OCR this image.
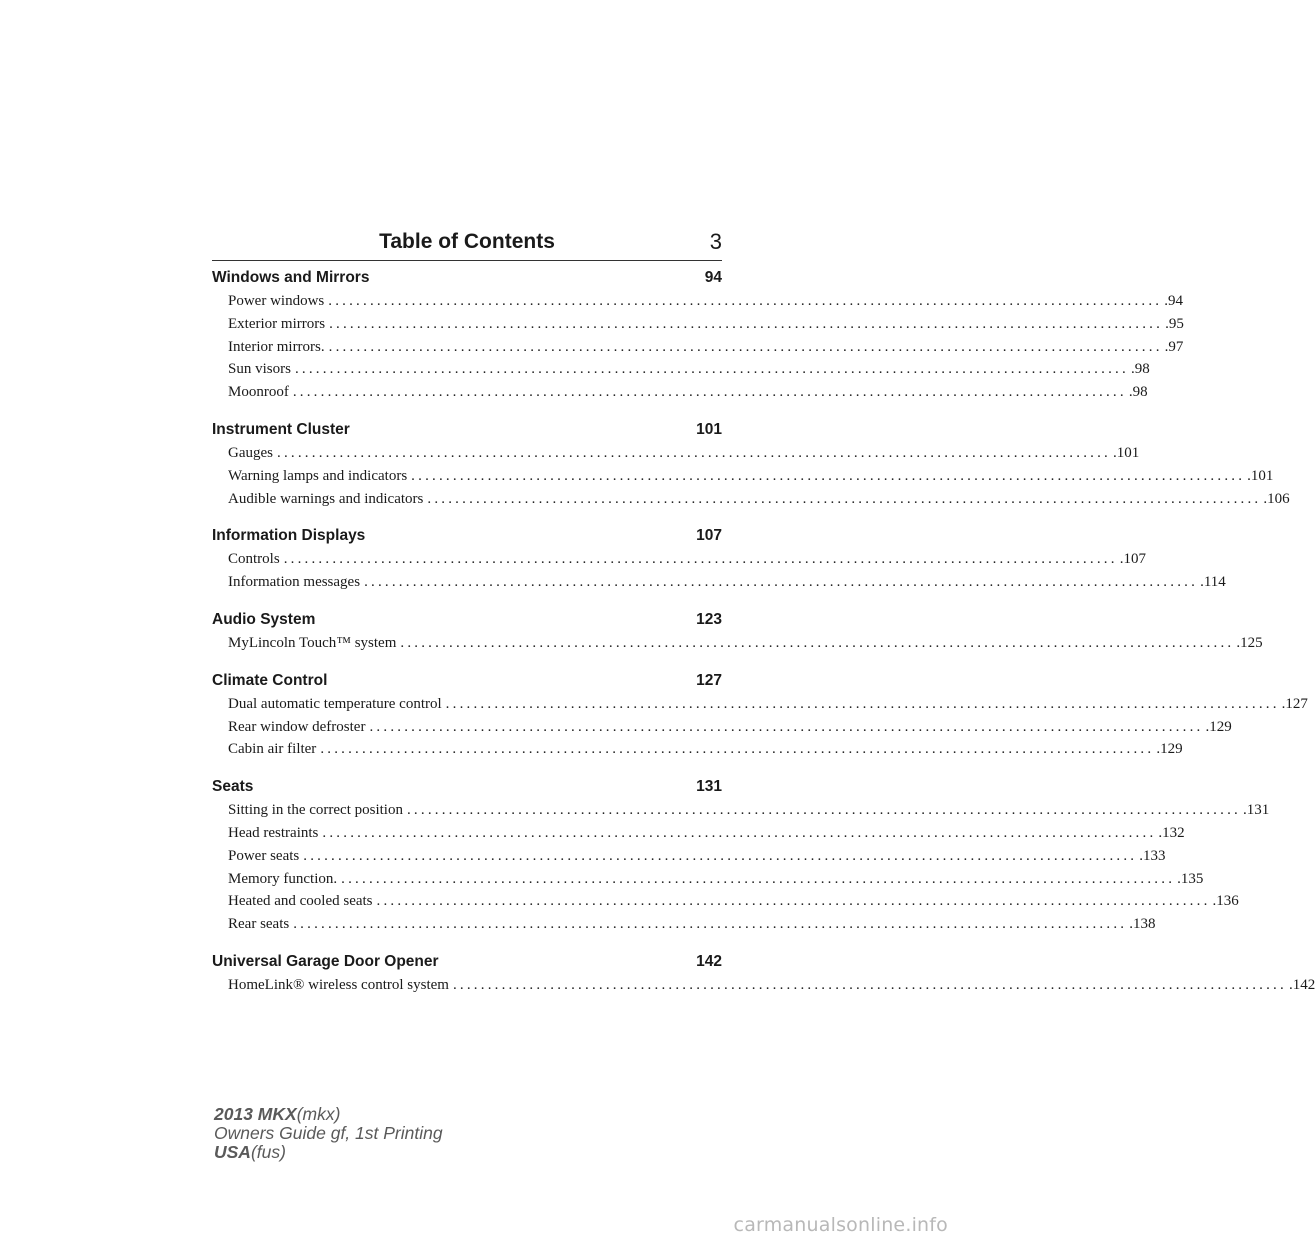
Table of Contents	3
Windows and Mirrors	94
Power windows ........................................................................................................................ .94
Exterior mirrors ........................................................................................................................ .95
Interior mirrors. ........................................................................................................................ .97
Sun visors ........................................................................................................................ .98
Moonroof ........................................................................................................................ .98
Instrument Cluster	101
Gauges ........................................................................................................................ .101
Warning lamps and indicators ........................................................................................................................ .101
Audible warnings and indicators ........................................................................................................................ .106
Information Displays	107
Controls ........................................................................................................................ .107
Information messages ........................................................................................................................ .114
Audio System	123
MyLincoln Touch™ system ........................................................................................................................ .125
Climate Control	127
Dual automatic temperature control ........................................................................................................................ .127
Rear window defroster ........................................................................................................................ .129
Cabin air filter ........................................................................................................................ .129
Seats	131
Sitting in the correct position ........................................................................................................................ .131
Head restraints ........................................................................................................................ .132
Power seats ........................................................................................................................ .133
Memory function. ........................................................................................................................ .135
Heated and cooled seats ........................................................................................................................ .136
Rear seats ........................................................................................................................ .138
Universal Garage Door Opener	142
HomeLink® wireless control system ........................................................................................................................ .142
2013 MKX(mkx)
Owners Guide gf, 1st Printing
USA(fus)
carmanualsonline.info
